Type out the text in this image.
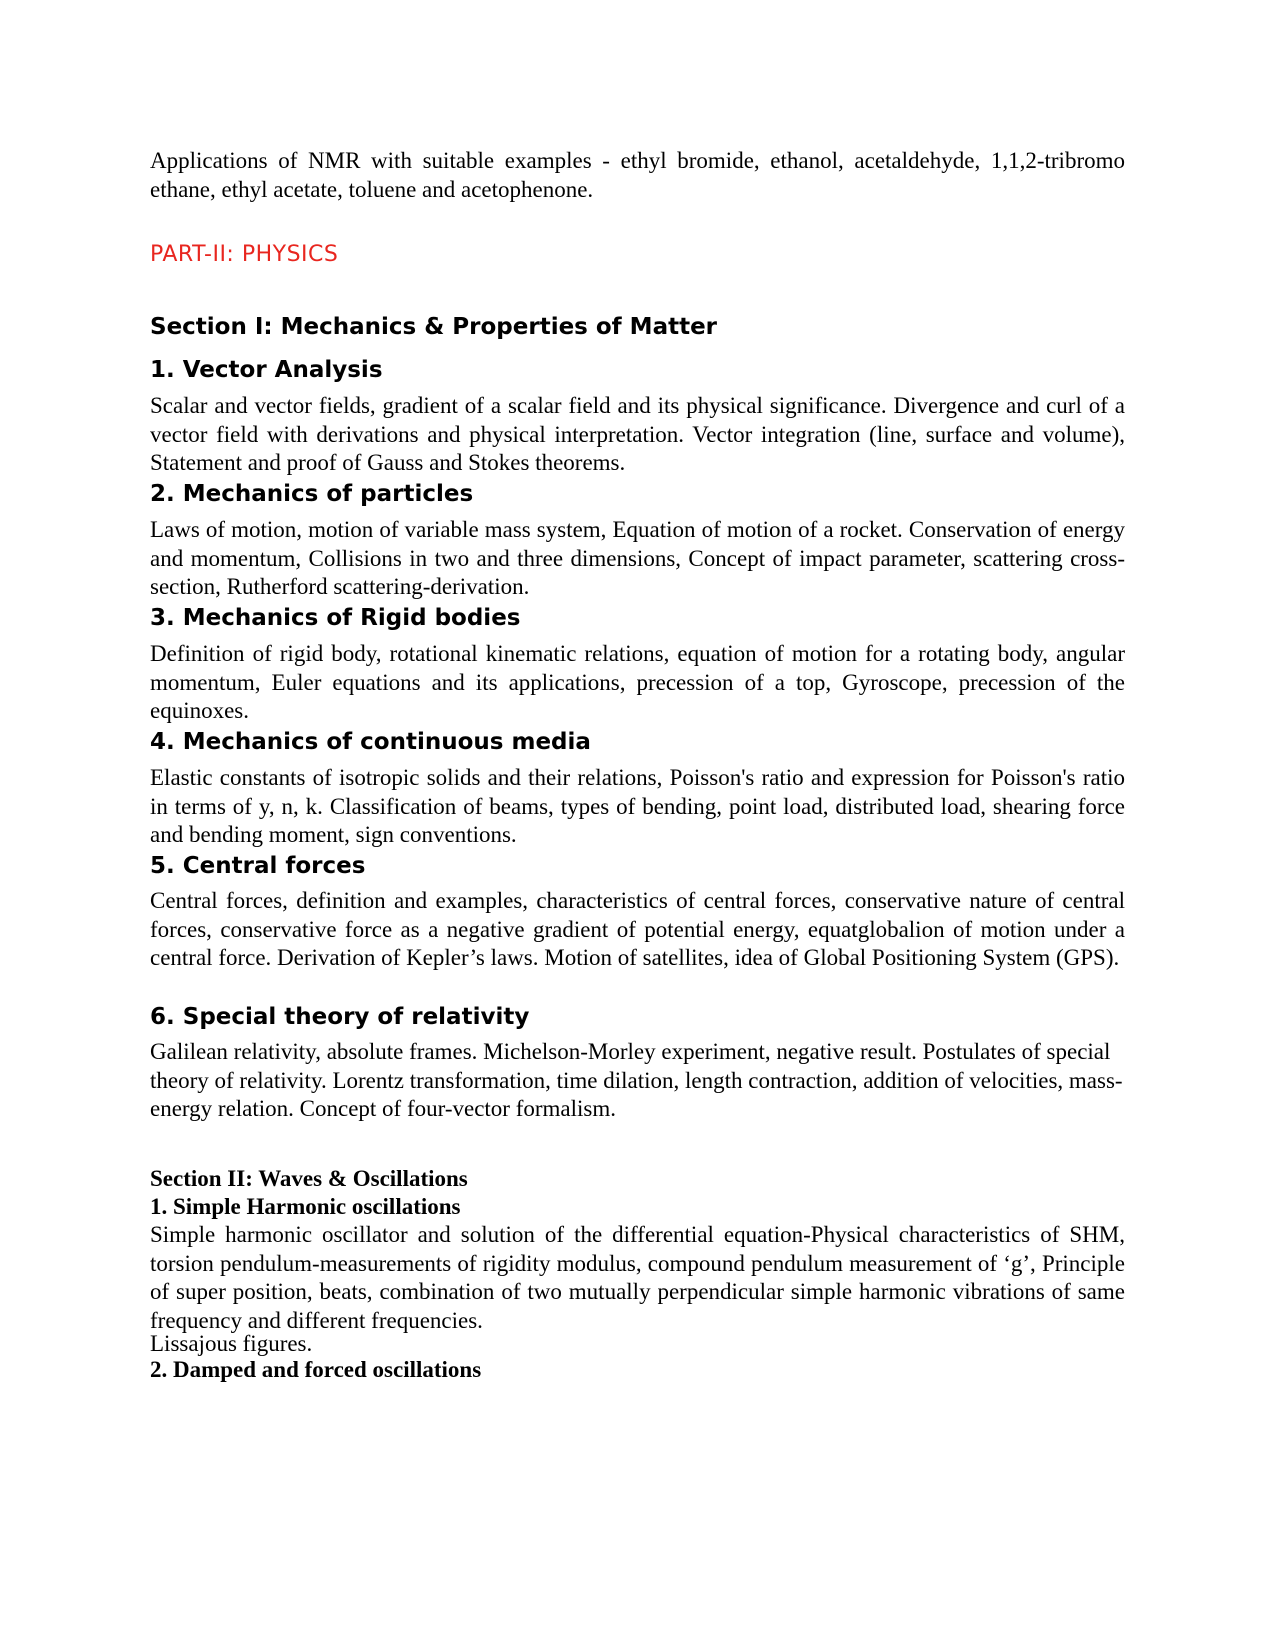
Applications of NMR with suitable examples - ethyl bromide, ethanol, acetaldehyde, 1,1,2-tribromo ethane, ethyl acetate, toluene and acetophenone.

PART-II: PHYSICS
Section I: Mechanics & Properties of Matter
1. Vector Analysis

Scalar and vector fields, gradient of a scalar field and its physical significance. Divergence and curl of a vector field with derivations and physical interpretation. Vector integration (line, surface and volume), Statement and proof of Gauss and Stokes theorems.

2. Mechanics of particles

Laws of motion, motion of variable mass system, Equation of motion of a rocket. Conservation of energy and momentum, Collisions in two and three dimensions, Concept of impact parameter, scattering cross-section, Rutherford scattering-derivation.

3. Mechanics of Rigid bodies

Definition of rigid body, rotational kinematic relations, equation of motion for a rotating body, angular momentum, Euler equations and its applications, precession of a top, Gyroscope, precession of the equinoxes.

4. Mechanics of continuous media

Elastic constants of isotropic solids and their relations, Poisson's ratio and expression for Poisson's ratio in terms of y, n, k. Classification of beams, types of bending, point load, distributed load, shearing force and bending moment, sign conventions.

5. Central forces

Central forces, definition and examples, characteristics of central forces, conservative nature of central forces, conservative force as a negative gradient of potential energy, equatglobalion of motion under a central force. Derivation of Kepler’s laws. Motion of satellites, idea of Global Positioning System (GPS).

6. Special theory of relativity

Galilean relativity, absolute frames. Michelson-Morley experiment, negative result. Postulates of special theory of relativity. Lorentz transformation, time dilation, length contraction, addition of velocities, mass-energy relation. Concept of four-vector formalism.

Section II: Waves & Oscillations
1. Simple Harmonic oscillations

Simple harmonic oscillator and solution of the differential equation-Physical characteristics of SHM, torsion pendulum-measurements of rigidity modulus, compound pendulum measurement of ‘g’, Principle of super position, beats, combination of two mutually perpendicular simple harmonic vibrations of same frequency and different frequencies.

Lissajous figures.

2. Damped and forced oscillations
